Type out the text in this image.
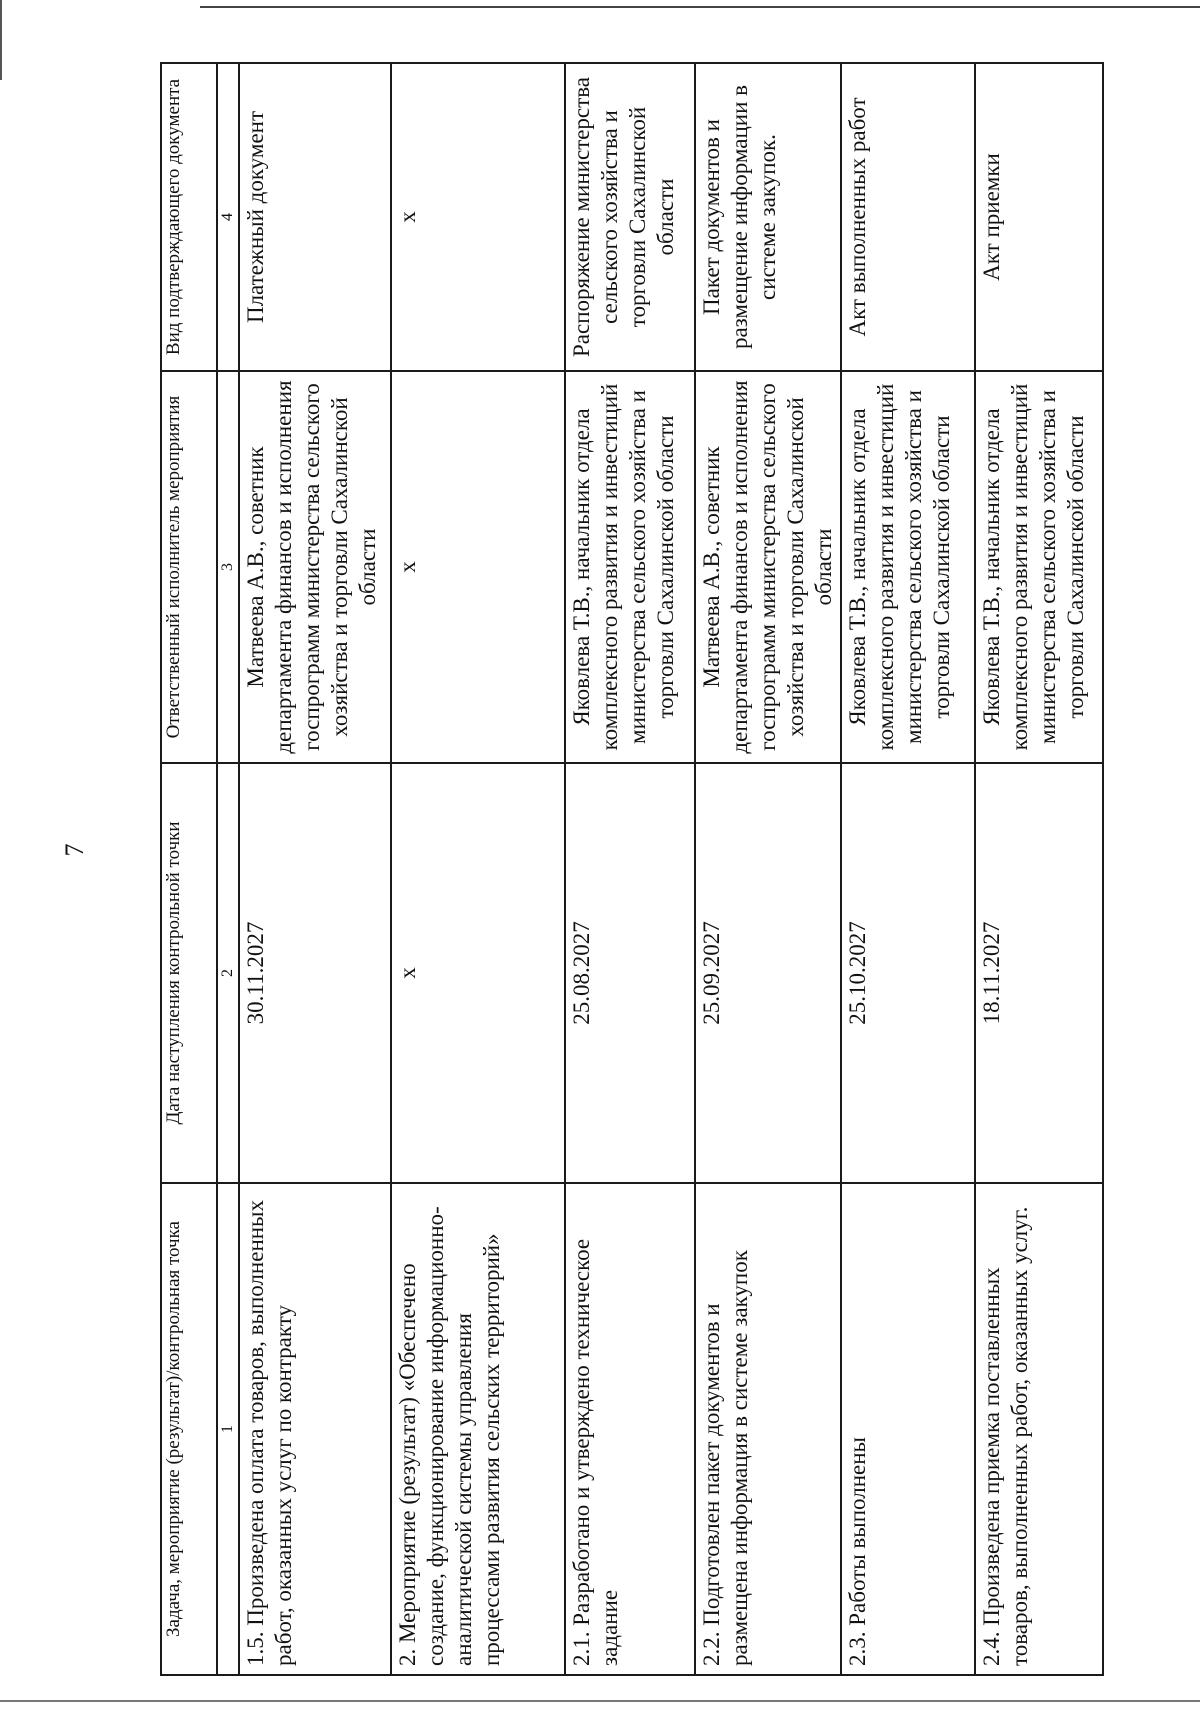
7
Задача, мероприятие (результат)/контрольная точка	Дата наступления контрольной точки	Ответственный исполнитель мероприятия	Вид подтверждающего документа
1	2	3	4
1.5. Произведена оплата товаров, выполненных работ, оказанных услуг по контракту	30.11.2027	Матвеева А.В., советник департамента финансов и исполнения госпрограмм министерства сельского хозяйства и торговли Сахалинской области	Платежный документ
2. Мероприятие (результат) «Обеспечено создание, функционирование информационно-аналитической системы управления процессами развития сельских территорий»	х	х	х
2.1. Разработано и утверждено техническое задание	25.08.2027	Яковлева Т.В., начальник отдела комплексного развития и инвестиций министерства сельского хозяйства и торговли Сахалинской области	Распоряжение министерства сельского хозяйства и торговли Сахалинской области
2.2. Подготовлен пакет документов и размещена информация в системе закупок	25.09.2027	Матвеева А.В., советник департамента финансов и исполнения госпрограмм министерства сельского хозяйства и торговли Сахалинской области	Пакет документов и размещение информации в системе закупок.
2.3. Работы выполнены	25.10.2027	Яковлева Т.В., начальник отдела комплексного развития и инвестиций министерства сельского хозяйства и торговли Сахалинской области	Акт выполненных работ
2.4. Произведена приемка поставленных товаров, выполненных работ, оказанных услуг.	18.11.2027	Яковлева Т.В., начальник отдела комплексного развития и инвестиций министерства сельского хозяйства и торговли Сахалинской области	Акт приемки
